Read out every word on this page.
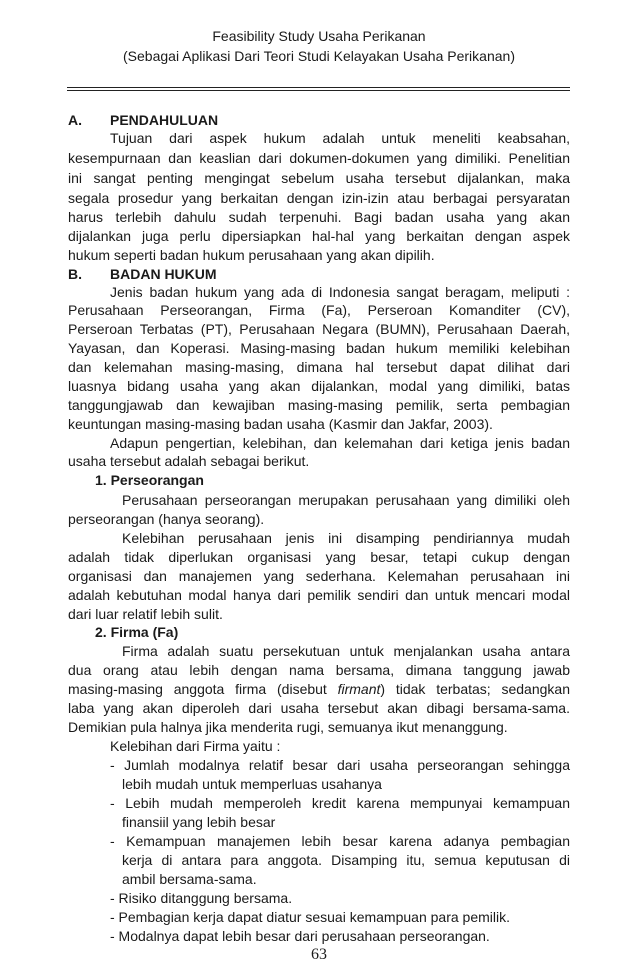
Feasibility Study Usaha Perikanan
(Sebagai Aplikasi Dari Teori Studi Kelayakan Usaha Perikanan)
A. PENDAHULUAN
Tujuan dari aspek hukum adalah untuk meneliti keabsahan,
kesempurnaan dan keaslian dari dokumen-dokumen yang dimiliki. Penelitian
ini sangat penting mengingat sebelum usaha tersebut dijalankan, maka
segala prosedur yang berkaitan dengan izin-izin atau berbagai persyaratan
harus terlebih dahulu sudah terpenuhi. Bagi badan usaha yang akan
dijalankan juga perlu dipersiapkan hal-hal yang berkaitan dengan aspek
hukum seperti badan hukum perusahaan yang akan dipilih.
B. BADAN HUKUM
Jenis badan hukum yang ada di Indonesia sangat beragam, meliputi :
Perusahaan Perseorangan, Firma (Fa), Perseroan Komanditer (CV),
Perseroan Terbatas (PT), Perusahaan Negara (BUMN), Perusahaan Daerah,
Yayasan, dan Koperasi. Masing-masing badan hukum memiliki kelebihan
dan kelemahan masing-masing, dimana hal tersebut dapat dilihat dari
luasnya bidang usaha yang akan dijalankan, modal yang dimiliki, batas
tanggungjawab dan kewajiban masing-masing pemilik, serta pembagian
keuntungan masing-masing badan usaha (Kasmir dan Jakfar, 2003).
Adapun pengertian, kelebihan, dan kelemahan dari ketiga jenis badan
usaha tersebut adalah sebagai berikut.
1. Perseorangan
Perusahaan perseorangan merupakan perusahaan yang dimiliki oleh
perseorangan (hanya seorang).
Kelebihan perusahaan jenis ini disamping pendiriannya mudah
adalah tidak diperlukan organisasi yang besar, tetapi cukup dengan
organisasi dan manajemen yang sederhana. Kelemahan perusahaan ini
adalah kebutuhan modal hanya dari pemilik sendiri dan untuk mencari modal
dari luar relatif lebih sulit.
2. Firma (Fa)
Firma adalah suatu persekutuan untuk menjalankan usaha antara
dua orang atau lebih dengan nama bersama, dimana tanggung jawab
masing-masing anggota firma (disebut firmant) tidak terbatas; sedangkan
laba yang akan diperoleh dari usaha tersebut akan dibagi bersama-sama.
Demikian pula halnya jika menderita rugi, semuanya ikut menanggung.
Kelebihan dari Firma yaitu :
- Jumlah modalnya relatif besar dari usaha perseorangan sehingga
lebih mudah untuk memperluas usahanya
- Lebih mudah memperoleh kredit karena mempunyai kemampuan
finansiil yang lebih besar
- Kemampuan manajemen lebih besar karena adanya pembagian
kerja di antara para anggota. Disamping itu, semua keputusan di
ambil bersama-sama.
- Risiko ditanggung bersama.
- Pembagian kerja dapat diatur sesuai kemampuan para pemilik.
- Modalnya dapat lebih besar dari perusahaan perseorangan.
63
